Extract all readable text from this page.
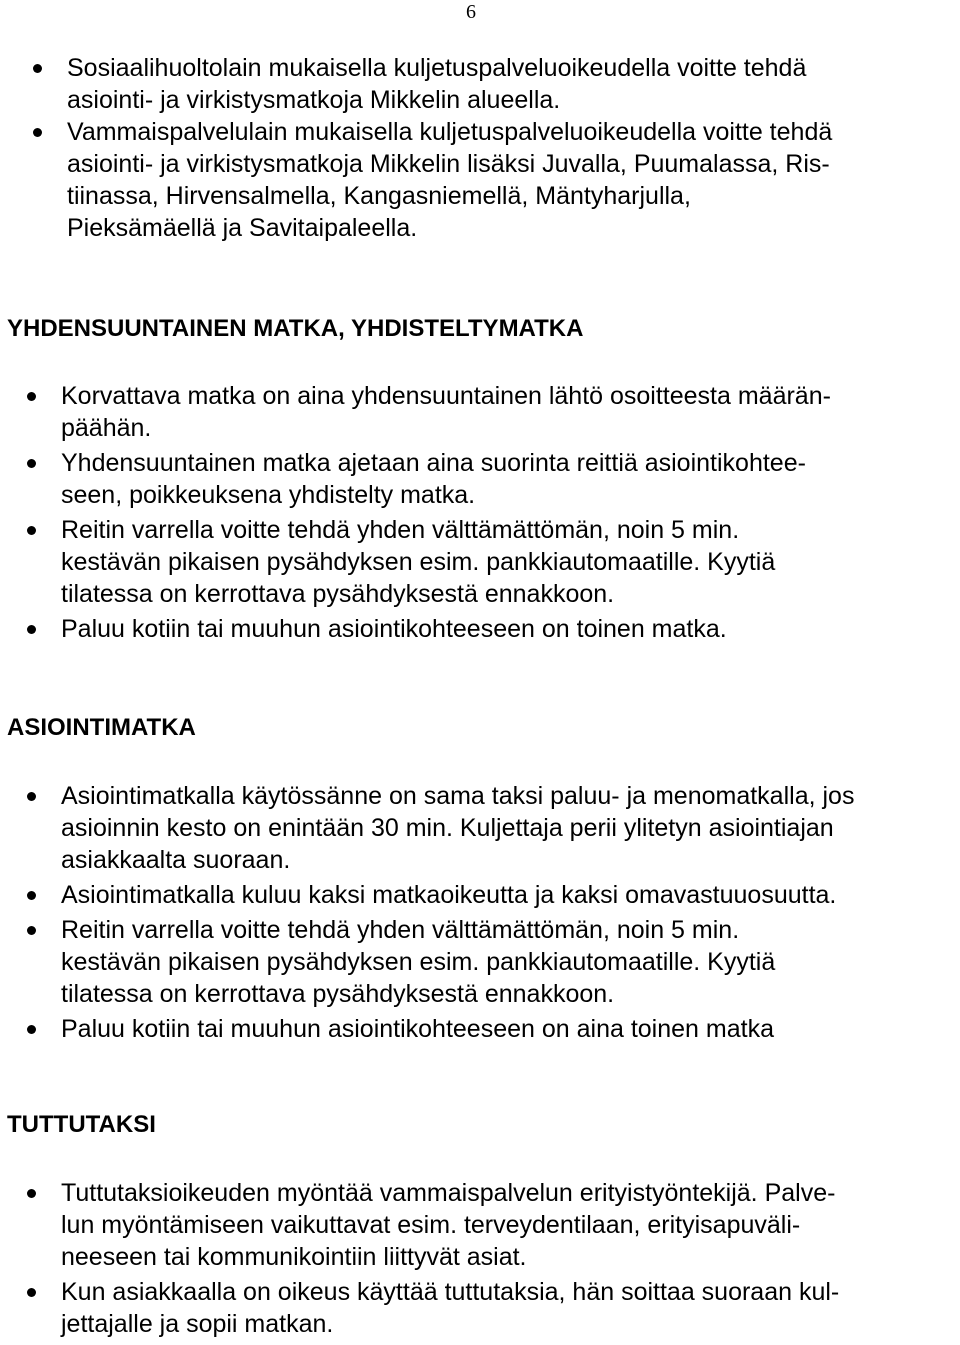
6
Sosiaalihuoltolain mukaisella kuljetuspalveluoikeudella voitte tehdä
asiointi- ja virkistysmatkoja Mikkelin alueella.
Vammaispalvelulain mukaisella kuljetuspalveluoikeudella voitte tehdä
asiointi- ja virkistysmatkoja Mikkelin lisäksi Juvalla, Puumalassa, Ris-
tiinassa, Hirvensalmella, Kangasniemellä, Mäntyharjulla,
Pieksämäellä ja Savitaipaleella.
YHDENSUUNTAINEN MATKA, YHDISTELTYMATKA
Korvattava matka on aina yhdensuuntainen lähtö osoitteesta määrän-
päähän.
Yhdensuuntainen matka ajetaan aina suorinta reittiä asiointikohtee-
seen, poikkeuksena yhdistelty matka.
Reitin varrella voitte tehdä yhden välttämättömän, noin 5 min.
kestävän pikaisen pysähdyksen esim. pankkiautomaatille. Kyytiä
tilatessa on kerrottava pysähdyksestä ennakkoon.
Paluu kotiin tai muuhun asiointikohteeseen on toinen matka.
ASIOINTIMATKA
Asiointimatkalla käytössänne on sama taksi paluu- ja menomatkalla, jos
asioinnin kesto on enintään 30 min. Kuljettaja perii ylitetyn asiointiajan
asiakkaalta suoraan.
Asiointimatkalla kuluu kaksi matkaoikeutta ja kaksi omavastuuosuutta.
Reitin varrella voitte tehdä yhden välttämättömän, noin 5 min.
kestävän pikaisen pysähdyksen esim. pankkiautomaatille. Kyytiä
tilatessa on kerrottava pysähdyksestä ennakkoon.
Paluu kotiin tai muuhun asiointikohteeseen on aina toinen matka
TUTTUTAKSI
Tuttutaksioikeuden myöntää vammaispalvelun erityistyöntekijä. Palve-
lun myöntämiseen vaikuttavat esim. terveydentilaan, erityisapuväli-
neeseen tai kommunikointiin liittyvät asiat.
Kun asiakkaalla on oikeus käyttää tuttutaksia, hän soittaa suoraan kul-
jettajalle ja sopii matkan.
